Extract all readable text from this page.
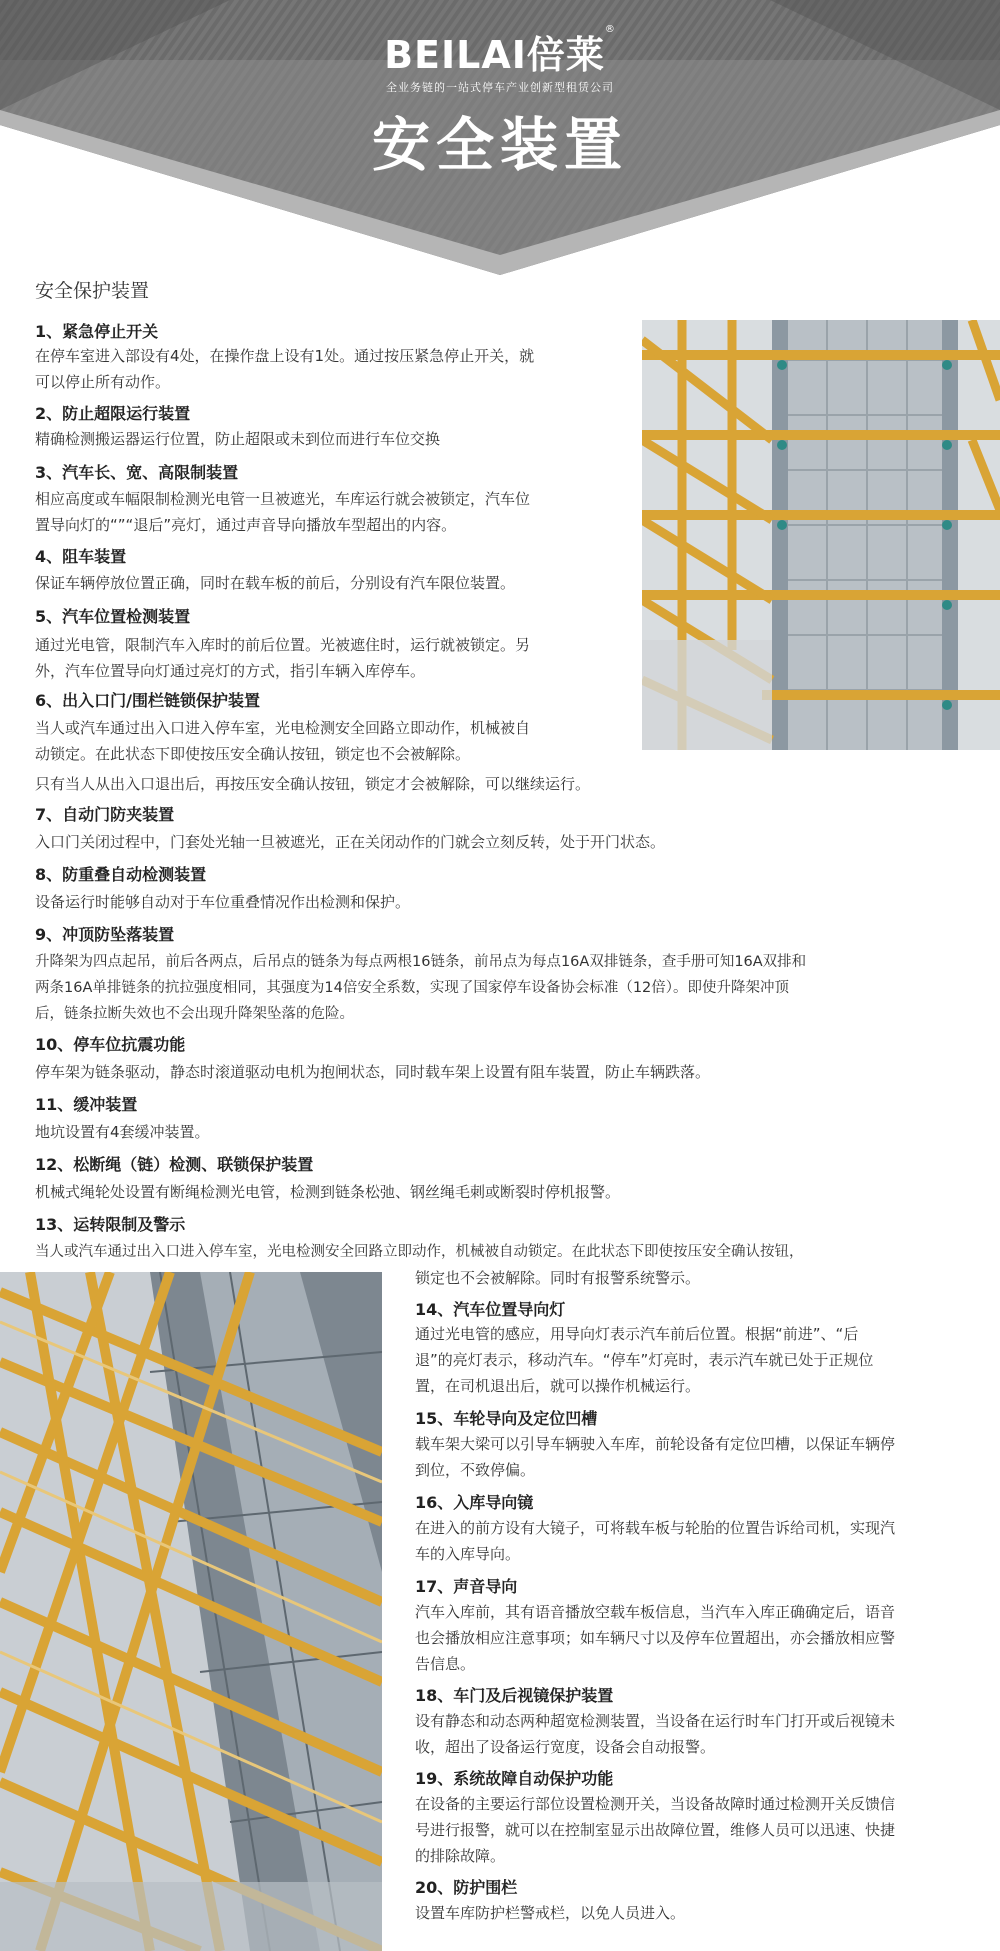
BEILAI倍莱®
全业务链的一站式停车产业创新型租赁公司
安全装置
安全保护装置
1、紧急停止开关
在停车室进入部设有4处，在操作盘上设有1处。通过按压紧急停止开关，就
可以停止所有动作。
2、防止超限运行装置
精确检测搬运器运行位置，防止超限或未到位而进行车位交换
3、汽车长、宽、高限制装置
相应高度或车幅限制检测光电管一旦被遮光，车库运行就会被锁定，汽车位
置导向灯的“”“退后”亮灯，通过声音导向播放车型超出的内容。
4、阻车装置
保证车辆停放位置正确，同时在载车板的前后，分别设有汽车限位装置。
5、汽车位置检测装置
通过光电管，限制汽车入库时的前后位置。光被遮住时，运行就被锁定。另
外，汽车位置导向灯通过亮灯的方式，指引车辆入库停车。
6、出入口门/围栏链锁保护装置
当人或汽车通过出入口进入停车室，光电检测安全回路立即动作，机械被自
动锁定。在此状态下即使按压安全确认按钮，锁定也不会被解除。
只有当人从出入口退出后，再按压安全确认按钮，锁定才会被解除，可以继续运行。
7、自动门防夹装置
入口门关闭过程中，门套处光轴一旦被遮光，正在关闭动作的门就会立刻反转，处于开门状态。
8、防重叠自动检测装置
设备运行时能够自动对于车位重叠情况作出检测和保护。
9、冲顶防坠落装置
升降架为四点起吊，前后各两点，后吊点的链条为每点两根16链条，前吊点为每点16A双排链条，查手册可知16A双排和
两条16A单排链条的抗拉强度相同，其强度为14倍安全系数，实现了国家停车设备协会标准（12倍）。即使升降架冲顶
后，链条拉断失效也不会出现升降架坠落的危险。
10、停车位抗震功能
停车架为链条驱动，静态时滚道驱动电机为抱闸状态，同时载车架上设置有阻车装置，防止车辆跌落。
11、缓冲装置
地坑设置有4套缓冲装置。
12、松断绳（链）检测、联锁保护装置
机械式绳轮处设置有断绳检测光电管，检测到链条松弛、钢丝绳毛刺或断裂时停机报警。
13、运转限制及警示
当人或汽车通过出入口进入停车室，光电检测安全回路立即动作，机械被自动锁定。在此状态下即使按压安全确认按钮，
锁定也不会被解除。同时有报警系统警示。
14、汽车位置导向灯
通过光电管的感应，用导向灯表示汽车前后位置。根据“前进”、“后
退”的亮灯表示，移动汽车。“停车”灯亮时，表示汽车就已处于正规位
置，在司机退出后，就可以操作机械运行。
15、车轮导向及定位凹槽
载车架大梁可以引导车辆驶入车库，前轮设备有定位凹槽，以保证车辆停
到位，不致停偏。
16、入库导向镜
在进入的前方设有大镜子，可将载车板与轮胎的位置告诉给司机，实现汽
车的入库导向。
17、声音导向
汽车入库前，其有语音播放空载车板信息，当汽车入库正确确定后，语音
也会播放相应注意事项；如车辆尺寸以及停车位置超出，亦会播放相应警
告信息。
18、车门及后视镜保护装置
设有静态和动态两种超宽检测装置，当设备在运行时车门打开或后视镜未
收，超出了设备运行宽度，设备会自动报警。
19、系统故障自动保护功能
在设备的主要运行部位设置检测开关，当设备故障时通过检测开关反馈信
号进行报警，就可以在控制室显示出故障位置，维修人员可以迅速、快捷
的排除故障。
20、防护围栏
设置车库防护栏警戒栏，以免人员进入。
